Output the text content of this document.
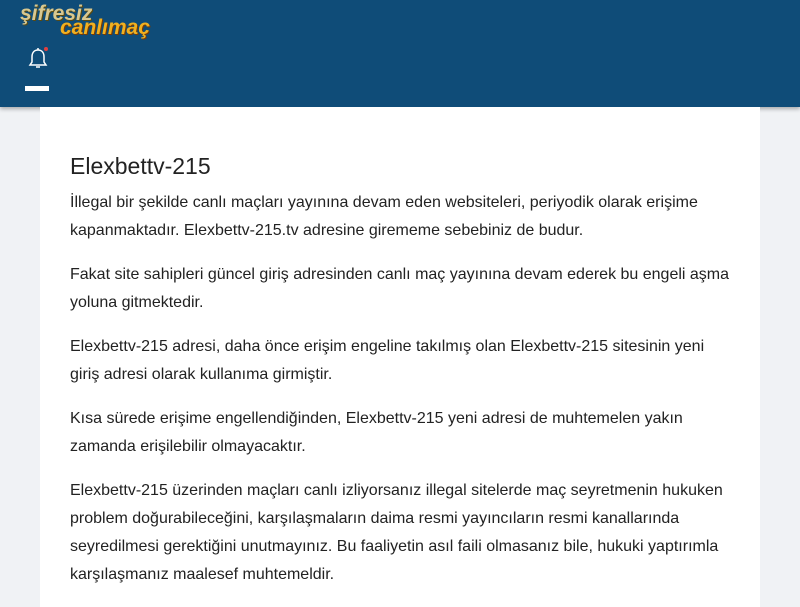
şifresiz
canlımaç
Elexbettv-215

İllegal bir şekilde canlı maçları yayınına devam eden websiteleri, periyodik olarak erişime kapanmaktadır. Elexbettv-215.tv adresine girememe sebebiniz de budur.

Fakat site sahipleri güncel giriş adresinden canlı maç yayınına devam ederek bu engeli aşma yoluna gitmektedir.

Elexbettv-215 adresi, daha önce erişim engeline takılmış olan Elexbettv-215 sitesinin yeni giriş adresi olarak kullanıma girmiştir.

Kısa sürede erişime engellendiğinden, Elexbettv-215 yeni adresi de muhtemelen yakın zamanda erişilebilir olmayacaktır.

Elexbettv-215 üzerinden maçları canlı izliyorsanız illegal sitelerde maç seyretmenin hukuken problem doğurabileceğini, karşılaşmaların daima resmi yayıncıların resmi kanallarında seyredilmesi gerektiğini unutmayınız. Bu faaliyetin asıl faili olmasanız bile, hukuki yaptırımla karşılaşmanız maalesef muhtemeldir.
